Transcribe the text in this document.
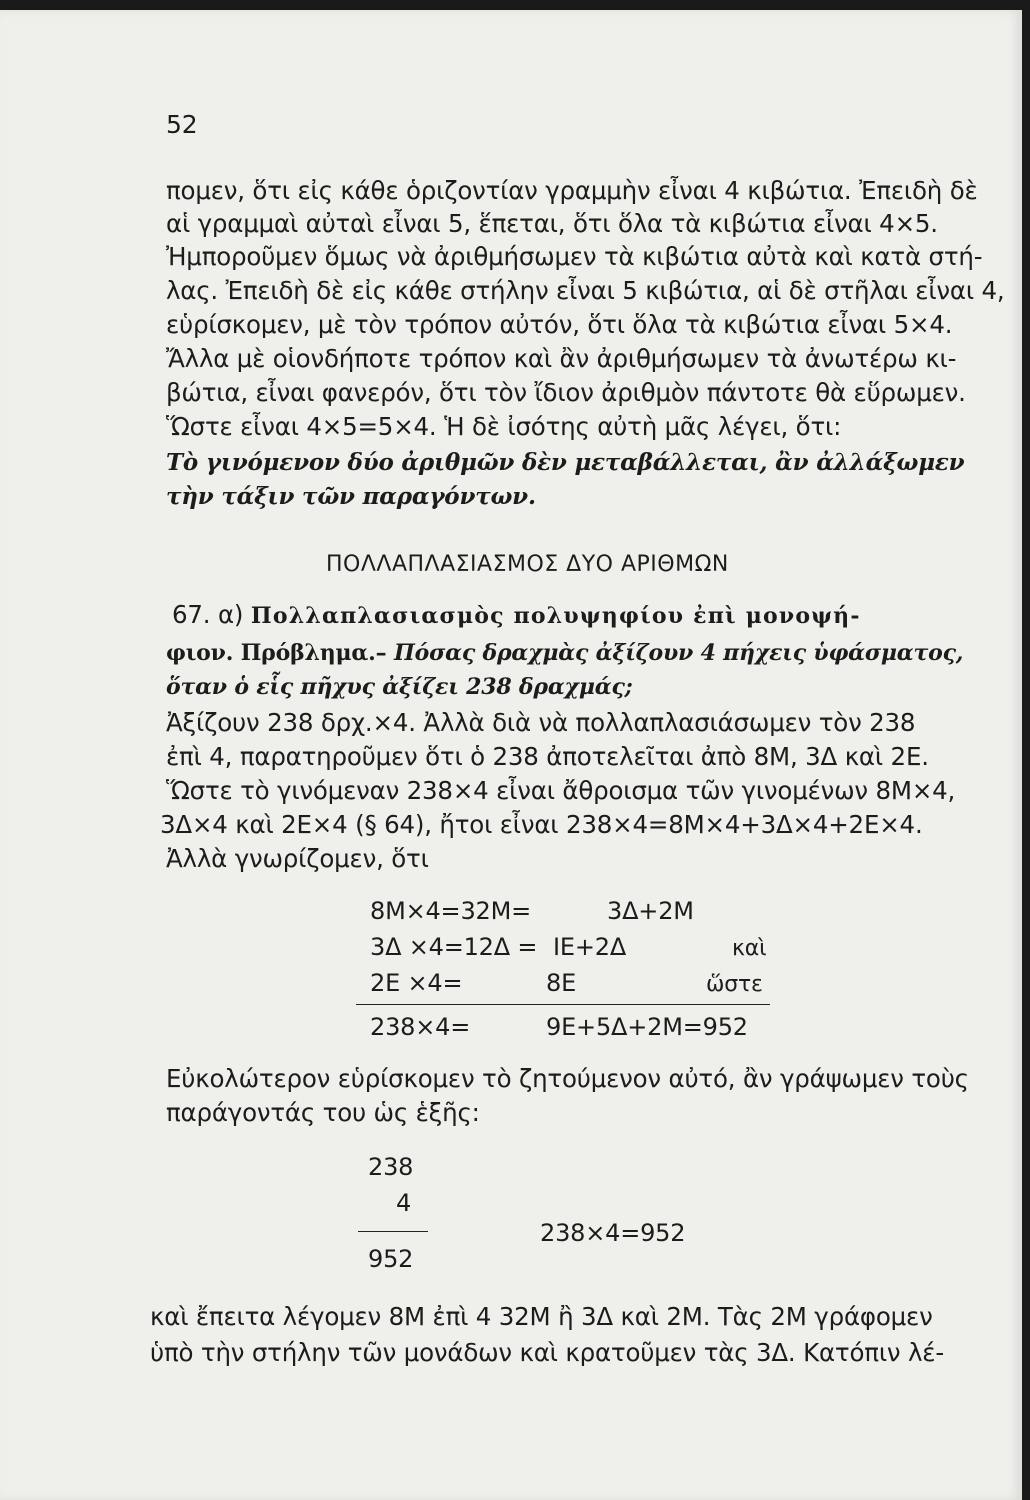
52
πομεν, ὅτι εἰς κάθε ὁριζοντίαν γραμμὴν εἶναι 4 κιβώτια. Ἐπειδὴ δὲ
αἱ γραμμαὶ αὐταὶ εἶναι 5, ἕπεται, ὅτι ὅλα τὰ κιβώτια εἶναι 4×5.
Ἠμποροῦμεν ὅμως νὰ ἀριθμήσωμεν τὰ κιβώτια αὐτὰ καὶ κατὰ στή-
λας. Ἐπειδὴ δὲ εἰς κάθε στήλην εἶναι 5 κιβώτια, αἱ δὲ στῆλαι εἶναι 4,
εὑρίσκομεν, μὲ τὸν τρόπον αὐτόν, ὅτι ὅλα τὰ κιβώτια εἶναι 5×4.
Ἄλλα μὲ οἱονδήποτε τρόπον καὶ ἂν ἀριθμήσωμεν τὰ ἀνωτέρω κι-
βώτια, εἶναι φανερόν, ὅτι τὸν ἴδιον ἀριθμὸν πάντοτε θὰ εὕρωμεν.
Ὥστε εἶναι 4×5=5×4. Ἡ δὲ ἰσότης αὐτὴ μᾶς λέγει, ὅτι:
Τὸ γινόμενον δύο ἀριθμῶν δὲν μεταβάλλεται, ἂν ἀλλάξωμεν
τὴν τάξιν τῶν παραγόντων.
ΠΟΛΛΑΠΛΑΣΙΑΣΜΟΣ ΔΥΟ ΑΡΙΘΜΩΝ
67. α) Πολλαπλασιασμὸς πολυψηφίου ἐπὶ μονοψή-
φιον. Πρόβλημα.– Πόσας δραχμὰς ἀξίζουν 4 πήχεις ὑφάσματος,
ὅταν ὁ εἷς πῆχυς ἀξίζει 238 δραχμάς;
Ἀξίζουν 238 δρχ.×4. Ἀλλὰ διὰ νὰ πολλαπλασιάσωμεν τὸν 238
ἐπὶ 4, παρατηροῦμεν ὅτι ὁ 238 ἀποτελεῖται ἀπὸ 8Μ, 3Δ καὶ 2Ε.
Ὥστε τὸ γινόμεναν 238×4 εἶναι ἄθροισμα τῶν γινομένων 8Μ×4,
3Δ×4 καὶ 2Ε×4 (§ 64), ἤτοι εἶναι 238×4=8Μ×4+3Δ×4+2Ε×4.
Ἀλλὰ γνωρίζομεν, ὅτι
8Μ×4=32Μ=	3Δ+2Μ
3Δ ×4=12Δ = ΙΕ+2Δ	καὶ
2Ε ×4=	8Ε	ὥστε
238×4=	9Ε+5Δ+2Μ=952
Εὐκολώτερον εὑρίσκομεν τὸ ζητούμενον αὐτό, ἂν γράψωμεν τοὺς
παράγοντάς του ὡς ἑξῆς:
238
4
238×4=952
952
καὶ ἔπειτα λέγομεν 8Μ ἐπὶ 4 32Μ ἢ 3Δ καὶ 2Μ. Τὰς 2Μ γράφομεν
ὑπὸ τὴν στήλην τῶν μονάδων καὶ κρατοῦμεν τὰς 3Δ. Κατόπιν λέ-
